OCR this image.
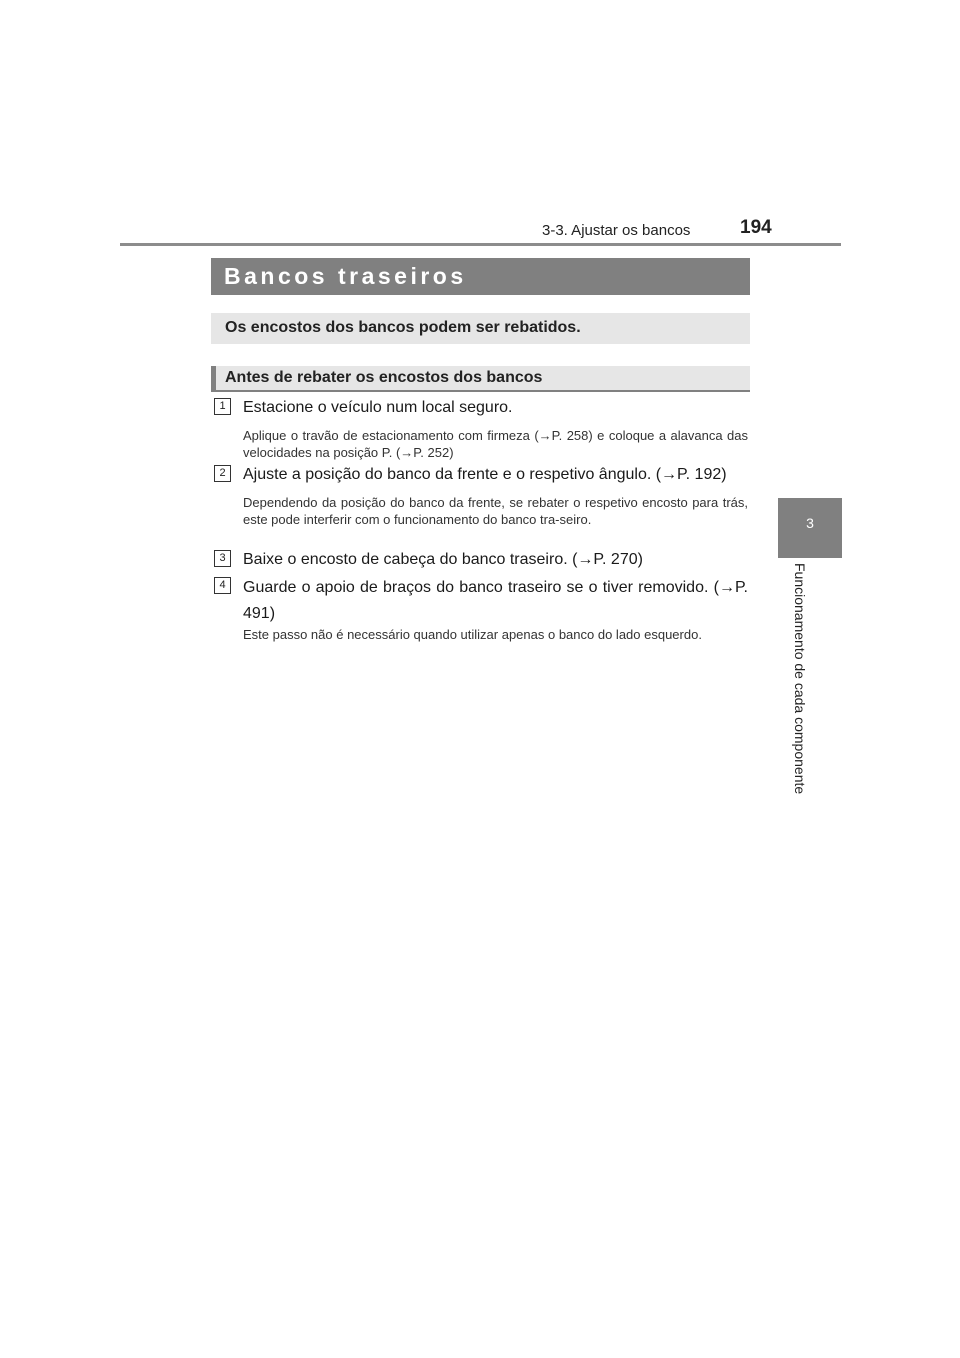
3-3. Ajustar os bancos	194
3
Funcionamento de cada componente
Bancos traseiros
Os encostos dos bancos podem ser rebatidos.
Antes de rebater os encostos dos bancos
1	Estacione o veículo num local seguro.
Aplique o travão de estacionamento com firmeza (→P. 258) e coloque a alavanca das velocidades na posição P. (→P. 252)
2	Ajuste a posição do banco da frente e o respetivo ângulo. (→P. 192)
Dependendo da posição do banco da frente, se rebater o respetivo encosto para trás, este pode interferir com o funcionamento do banco tra-seiro.
3	Baixe o encosto de cabeça do banco traseiro. (→P. 270)
4	Guarde o apoio de braços do banco traseiro se o tiver removido. (→P. 491)
Este passo não é necessário quando utilizar apenas o banco do lado esquerdo.
